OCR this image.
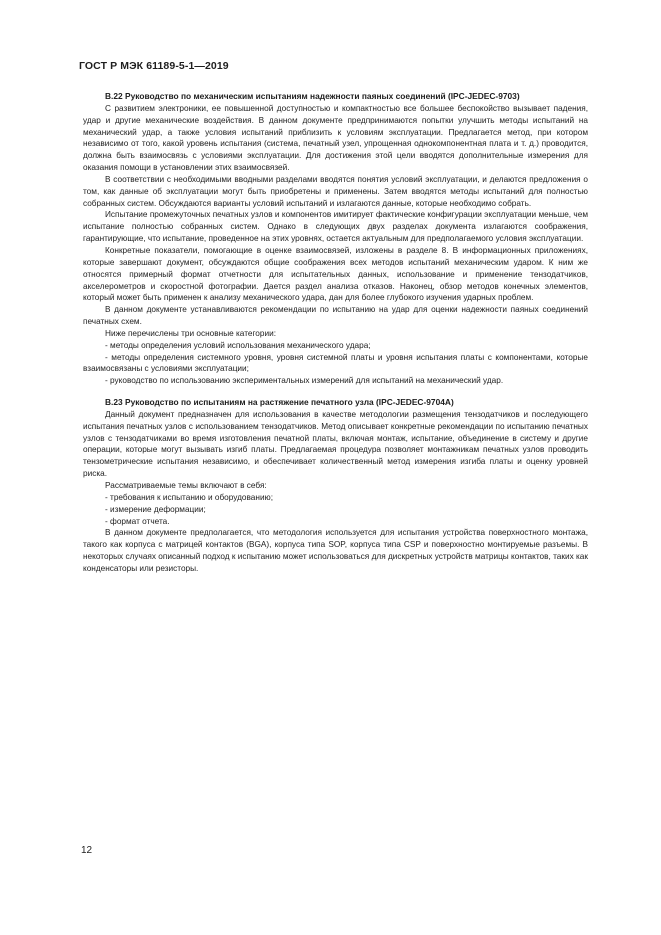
ГОСТ Р МЭК 61189-5-1—2019

B.22 Руководство по механическим испытаниям надежности паяных соединений (IPC-JEDEC-9703)

С развитием электроники, ее повышенной доступностью и компактностью все большее беспокойство вызывает падения, удар и другие механические воздействия. В данном документе предпринимаются попытки улучшить методы испытаний на механический удар, а также условия испытаний приблизить к условиям эксплуатации. Предлагается метод, при котором независимо от того, какой уровень испытания (система, печатный узел, упрощенная однокомпонентная плата и т. д.) проводится, должна быть взаимосвязь с условиями эксплуатации. Для достижения этой цели вводятся дополнительные измерения для оказания помощи в установлении этих взаимосвязей.

В соответствии с необходимыми вводными разделами вводятся понятия условий эксплуатации, и делаются предложения о том, как данные об эксплуатации могут быть приобретены и применены. Затем вводятся методы испытаний для полностью собранных систем. Обсуждаются варианты условий испытаний и излагаются данные, которые необходимо собрать.

Испытание промежуточных печатных узлов и компонентов имитирует фактические конфигурации эксплуатации меньше, чем испытание полностью собранных систем. Однако в следующих двух разделах документа излагаются соображения, гарантирующие, что испытание, проведенное на этих уровнях, остается актуальным для предполагаемого условия эксплуатации.

Конкретные показатели, помогающие в оценке взаимосвязей, изложены в разделе 8. В информационных приложениях, которые завершают документ, обсуждаются общие соображения всех методов испытаний механическим ударом. К ним же относятся примерный формат отчетности для испытательных данных, использование и применение тензодатчиков, акселерометров и скоростной фотографии. Дается раздел анализа отказов. Наконец, обзор методов конечных элементов, который может быть применен к анализу механического удара, дан для более глубокого изучения ударных проблем.

В данном документе устанавливаются рекомендации по испытанию на удар для оценки надежности паяных соединений печатных схем.

Ниже перечислены три основные категории:

- методы определения условий использования механического удара;

- методы определения системного уровня, уровня системной платы и уровня испытания платы с компонентами, которые взаимосвязаны с условиями эксплуатации;

- руководство по использованию экспериментальных измерений для испытаний на механический удар.

B.23 Руководство по испытаниям на растяжение печатного узла (IPC-JEDEC-9704A)

Данный документ предназначен для использования в качестве методологии размещения тензодатчиков и последующего испытания печатных узлов с использованием тензодатчиков. Метод описывает конкретные рекомендации по испытанию печатных узлов с тензодатчиками во время изготовления печатной платы, включая монтаж, испытание, объединение в систему и другие операции, которые могут вызывать изгиб платы. Предлагаемая процедура позволяет монтажникам печатных узлов проводить тензометрические испытания независимо, и обеспечивает количественный метод измерения изгиба платы и оценку уровней риска.

Рассматриваемые темы включают в себя:

- требования к испытанию и оборудованию;

- измерение деформации;

- формат отчета.

В данном документе предполагается, что методология используется для испытания устройства поверхностного монтажа, такого как корпуса с матрицей контактов (BGA), корпуса типа SOP, корпуса типа CSP и поверхностно монтируемые разъемы. В некоторых случаях описанный подход к испытанию может использоваться для дискретных устройств матрицы контактов, таких как конденсаторы или резисторы.

12
